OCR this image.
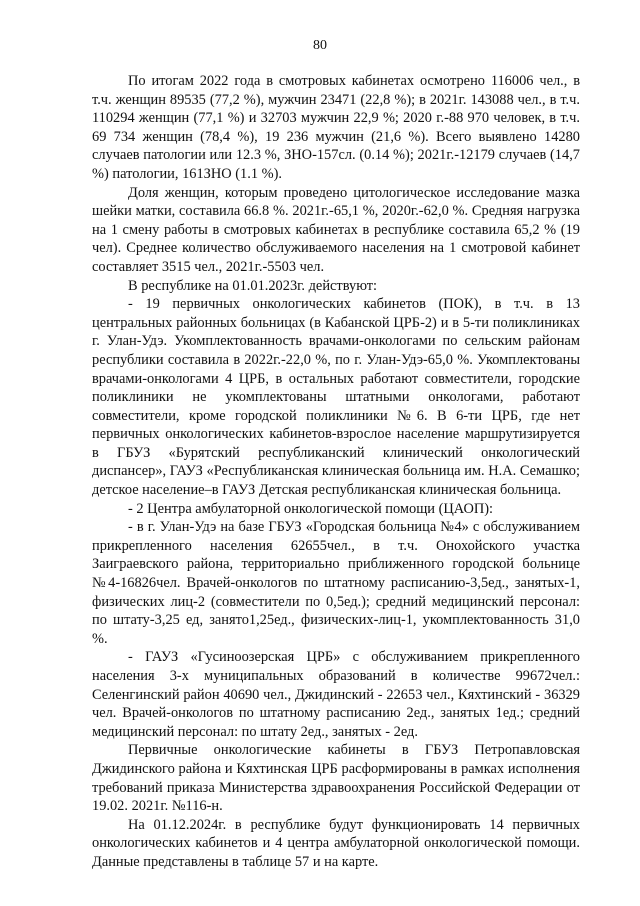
80

По итогам 2022 года в смотровых кабинетах осмотрено 116006 чел., в т.ч. женщин 89535 (77,2 %), мужчин 23471 (22,8 %); в 2021г. 143088 чел., в т.ч. 110294 женщин (77,1 %) и 32703 мужчин 22,9 %; 2020 г.-88 970 человек, в т.ч. 69 734 женщин (78,4 %), 19 236 мужчин (21,6 %). Всего выявлено 14280 случаев патологии или 12.3 %, ЗНО-157сл. (0.14 %); 2021г.-12179 случаев (14,7 %) патологии, 161ЗНО (1.1 %).

Доля женщин, которым проведено цитологическое исследование мазка шейки матки, составила 66.8 %. 2021г.-65,1 %, 2020г.-62,0 %. Средняя нагрузка на 1 смену работы в смотровых кабинетах в республике составила 65,2 % (19 чел). Среднее количество обслуживаемого населения на 1 смотровой кабинет составляет 3515 чел., 2021г.-5503 чел.

В республике на 01.01.2023г. действуют:

- 19 первичных онкологических кабинетов (ПОК), в т.ч. в 13 центральных районных больницах (в Кабанской ЦРБ-2) и в 5-ти поликлиниках г. Улан-Удэ. Укомплектованность врачами-онкологами по сельским районам республики составила в 2022г.-22,0 %, по г. Улан-Удэ-65,0 %. Укомплектованы врачами-онкологами 4 ЦРБ, в остальных работают совместители, городские поликлиники не укомплектованы штатными онкологами, работают совместители, кроме городской поликлиники №6. В 6-ти ЦРБ, где нет первичных онкологических кабинетов-взрослое население маршрутизируется в ГБУЗ «Бурятский республиканский клинический онкологический диспансер», ГАУЗ «Республиканская клиническая больница им. Н.А. Семашко; детское население–в ГАУЗ Детская республиканская клиническая больница.

- 2 Центра амбулаторной онкологической помощи (ЦАОП):

- в г. Улан-Удэ на базе ГБУЗ «Городская больница №4» с обслуживанием прикрепленного населения 62655чел., в т.ч. Онохойского участка Заиграевского района, территориально приближенного городской больнице №4-16826чел. Врачей-онкологов по штатному расписанию-3,5ед., занятых-1, физических лиц-2 (совместители по 0,5ед.); средний медицинский персонал: по штату-3,25 ед, занято1,25ед., физических-лиц-1, укомплектованность 31,0 %.

- ГАУЗ «Гусиноозерская ЦРБ» с обслуживанием прикрепленного населения 3-х муниципальных образований в количестве 99672чел.: Селенгинский район 40690 чел., Джидинский - 22653 чел., Кяхтинский - 36329 чел. Врачей-онкологов по штатному расписанию 2ед., занятых 1ед.; средний медицинский персонал: по штату 2ед., занятых - 2ед.

Первичные онкологические кабинеты в ГБУЗ Петропавловская Джидинского района и Кяхтинская ЦРБ расформированы в рамках исполнения требований приказа Министерства здравоохранения Российской Федерации от 19.02. 2021г. №116-н.

На 01.12.2024г. в республике будут функционировать 14 первичных онкологических кабинетов и 4 центра амбулаторной онкологической помощи. Данные представлены в таблице 57 и на карте.
